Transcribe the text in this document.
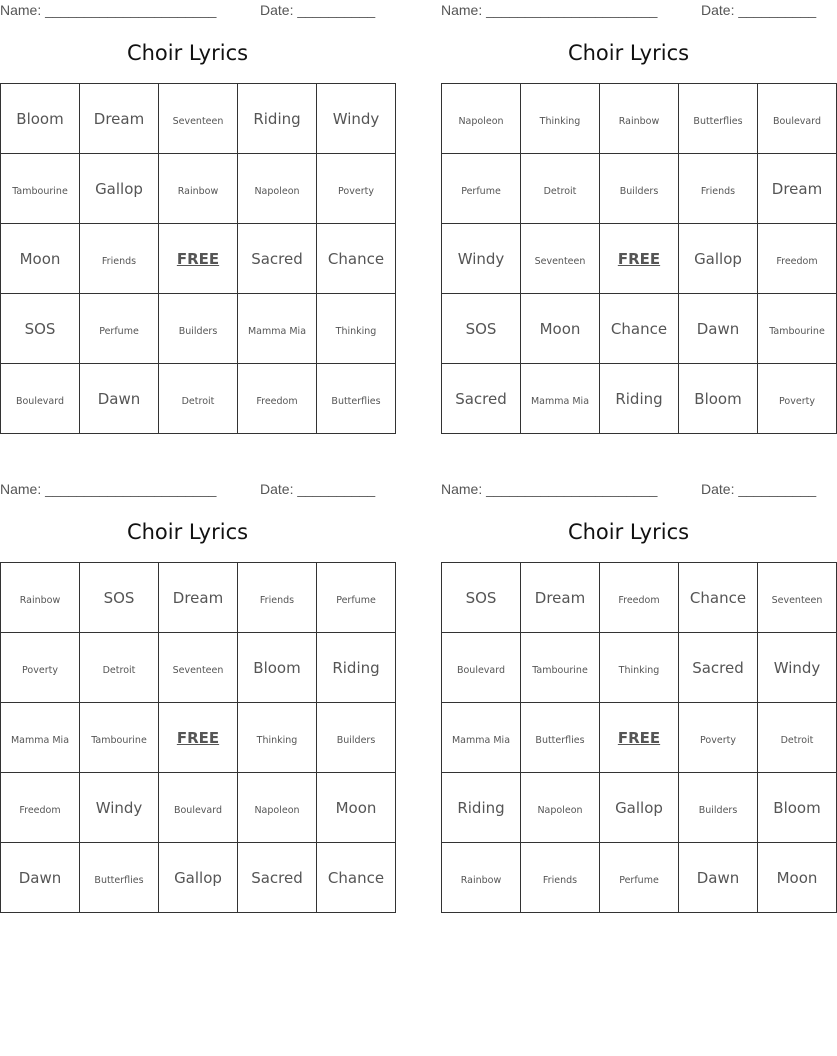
Name: ______________________	Date: __________
Choir Lyrics
Bloom	Dream	Seventeen	Riding	Windy
Tambourine	Gallop	Rainbow	Napoleon	Poverty
Moon	Friends	FREE	Sacred	Chance
SOS	Perfume	Builders	Mamma Mia	Thinking
Boulevard	Dawn	Detroit	Freedom	Butterflies
Name: ______________________	Date: __________
Choir Lyrics
Napoleon	Thinking	Rainbow	Butterflies	Boulevard
Perfume	Detroit	Builders	Friends	Dream
Windy	Seventeen	FREE	Gallop	Freedom
SOS	Moon	Chance	Dawn	Tambourine
Sacred	Mamma Mia	Riding	Bloom	Poverty
Name: ______________________	Date: __________
Choir Lyrics
Rainbow	SOS	Dream	Friends	Perfume
Poverty	Detroit	Seventeen	Bloom	Riding
Mamma Mia	Tambourine	FREE	Thinking	Builders
Freedom	Windy	Boulevard	Napoleon	Moon
Dawn	Butterflies	Gallop	Sacred	Chance
Name: ______________________	Date: __________
Choir Lyrics
SOS	Dream	Freedom	Chance	Seventeen
Boulevard	Tambourine	Thinking	Sacred	Windy
Mamma Mia	Butterflies	FREE	Poverty	Detroit
Riding	Napoleon	Gallop	Builders	Bloom
Rainbow	Friends	Perfume	Dawn	Moon
